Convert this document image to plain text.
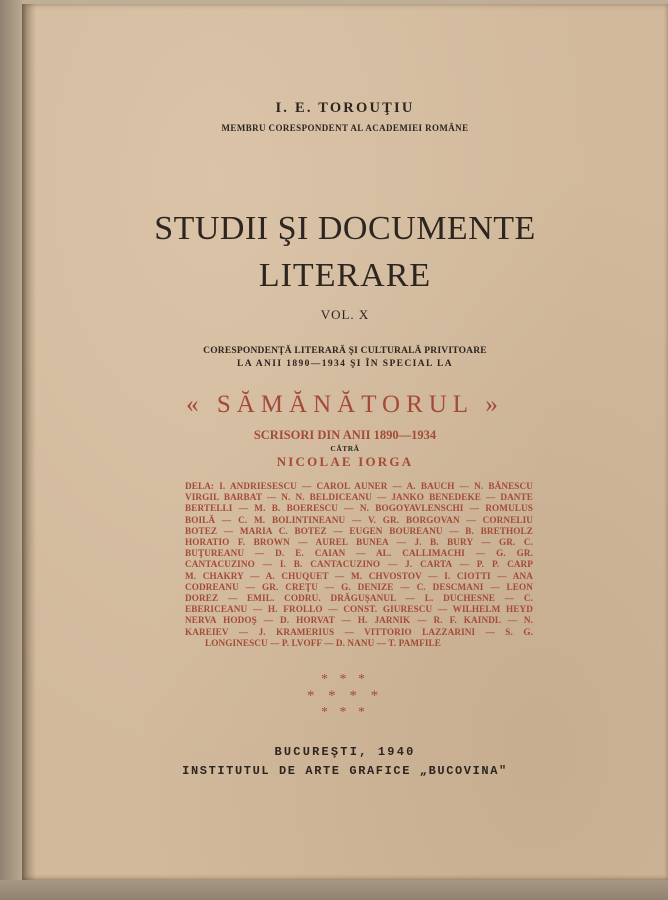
I. E. TOROUŢIU
MEMBRU CORESPONDENT AL ACADEMIEI ROMÂNE
STUDII ŞI DOCUMENTE
LITERARE
VOL. X
CORESPONDENŢĂ LITERARĂ ŞI CULTURALĂ PRIVITOARE
LA ANII 1890—1934 ŞI ÎN SPECIAL LA
« SĂMĂNĂTORUL »
SCRISORI DIN ANII 1890—1934
CĂTRĂ
NICOLAE IORGA
DELA: I. ANDRIESESCU — CAROL AUNER — A. BAUCH — N. BĂNESCU
VIRGIL BARBAT — N. N. BELDICEANU — JANKO BENEDEKE — DANTE
BERTELLI — M. B. BOERESCU — N. BOGOYAVLENSCHI — ROMULUS
BOILĂ — C. M. BOLINTINEANU — V. GR. BORGOVAN — CORNELIU
BOTEZ — MARIA C. BOTEZ — EUGEN BOUREANU — B. BRETHOLZ
HORATIO F. BROWN — AUREL BUNEA — J. B. BURY — GR. C.
BUŢUREANU — D. E. CAIAN — AL. CALLIMACHI — G. GR.
CANTACUZINO — I. B. CANTACUZINO — J. CARTA — P. P. CARP
M. CHAKRY — A. CHUQUET — M. CHVOSTOV — I. CIOTTI — ANA
CODREANU — GR. CREŢU — G. DENIZE — C. DESCMANI — LEON
DOREZ — EMIL. CODRU. DRĂGUŞANUL — L. DUCHESNE — C.
EBERICEANU — H. FROLLO — CONST. GIURESCU — WILHELM HEYD
NERVA HODOŞ — D. HORVAT — H. JARNIK — R. F. KAINDL — N.
KAREIEV — J. KRAMERIUS — VITTORIO LAZZARINI — S. G.
LONGINESCU — P. LVOFF — D. NANU — T. PAMFILE
* * *
* * * *
* * *
BUCUREŞTI, 1940
INSTITUTUL DE ARTE GRAFICE „BUCOVINA"
